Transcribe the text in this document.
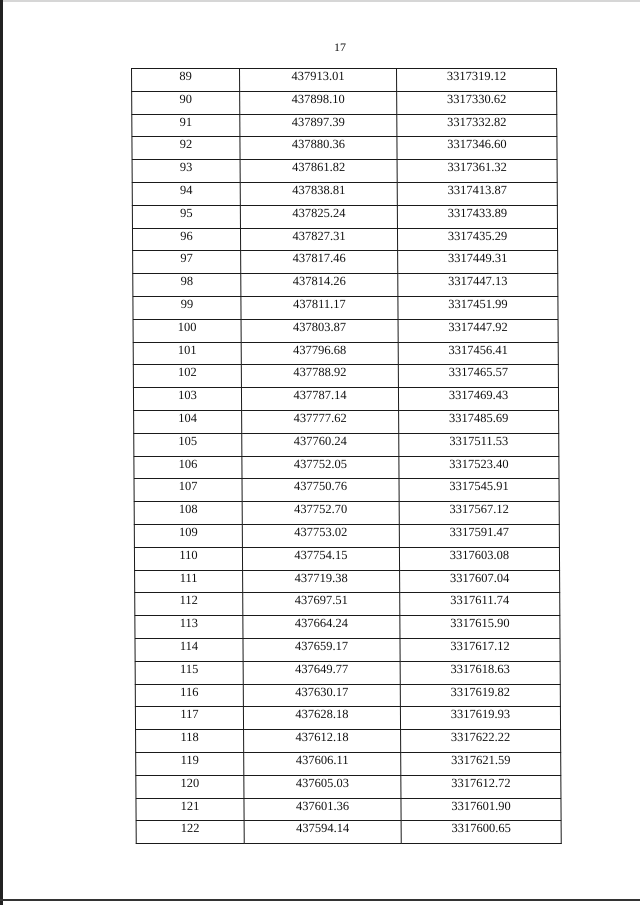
17
89	437913.01	3317319.12
90	437898.10	3317330.62
91	437897.39	3317332.82
92	437880.36	3317346.60
93	437861.82	3317361.32
94	437838.81	3317413.87
95	437825.24	3317433.89
96	437827.31	3317435.29
97	437817.46	3317449.31
98	437814.26	3317447.13
99	437811.17	3317451.99
100	437803.87	3317447.92
101	437796.68	3317456.41
102	437788.92	3317465.57
103	437787.14	3317469.43
104	437777.62	3317485.69
105	437760.24	3317511.53
106	437752.05	3317523.40
107	437750.76	3317545.91
108	437752.70	3317567.12
109	437753.02	3317591.47
110	437754.15	3317603.08
111	437719.38	3317607.04
112	437697.51	3317611.74
113	437664.24	3317615.90
114	437659.17	3317617.12
115	437649.77	3317618.63
116	437630.17	3317619.82
117	437628.18	3317619.93
118	437612.18	3317622.22
119	437606.11	3317621.59
120	437605.03	3317612.72
121	437601.36	3317601.90
122	437594.14	3317600.65
